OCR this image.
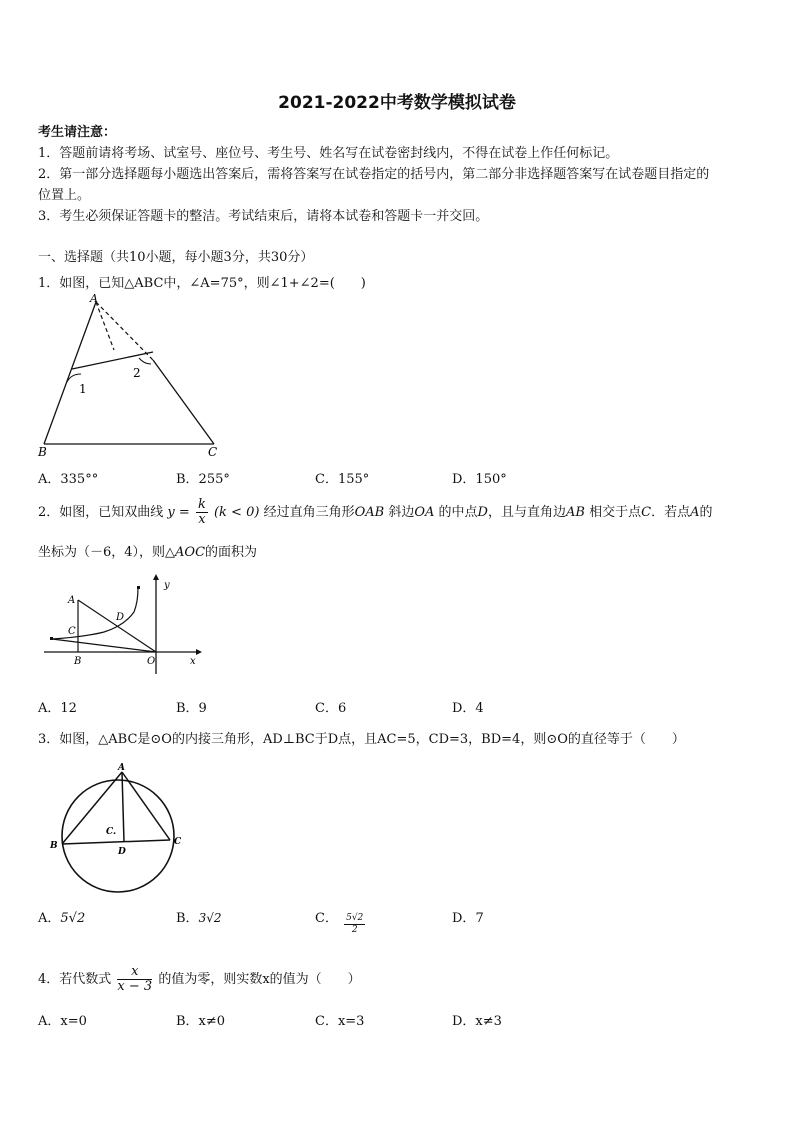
2021-2022中考数学模拟试卷
考生请注意：
1．答题前请将考场、试室号、座位号、考生号、姓名写在试卷密封线内，不得在试卷上作任何标记。
2．第一部分选择题每小题选出答案后，需将答案写在试卷指定的括号内，第二部分非选择题答案写在试卷题目指定的
位置上。
3．考生必须保证答题卡的整洁。考试结束后，请将本试卷和答题卡一并交回。
一、选择题（共10小题，每小题3分，共30分）
1．如图，已知△ABC中，∠A=75°，则∠1+∠2=(　　)
A
1
2
B	C
A．335°°	B．255°	C．155°	D．150°
2．如图，已知双曲线 $y = \frac{k}{x} (k < 0)$ 经过直角三角形OAB 斜边OA 的中点D，且与直角边AB 相交于点C．若点A的
坐标为（－6，4），则△AOC的面积为
A
D
C
B	O	x
y
A．12	B．9	C．6	D．4
3．如图，△ABC是⊙O的内接三角形，AD⊥BC于D点，且AC=5，CD=3，BD=4，则⊙O的直径等于（　　）
A
B	C
D
C.
A．5√2	B．3√2	C． $\frac{5√2}{2}$	D．7
4．若代数式 $\frac{x}{x - 3}$ 的值为零，则实数x的值为（　　）
A．x=0	B．x≠0	C．x=3	D．x≠3
